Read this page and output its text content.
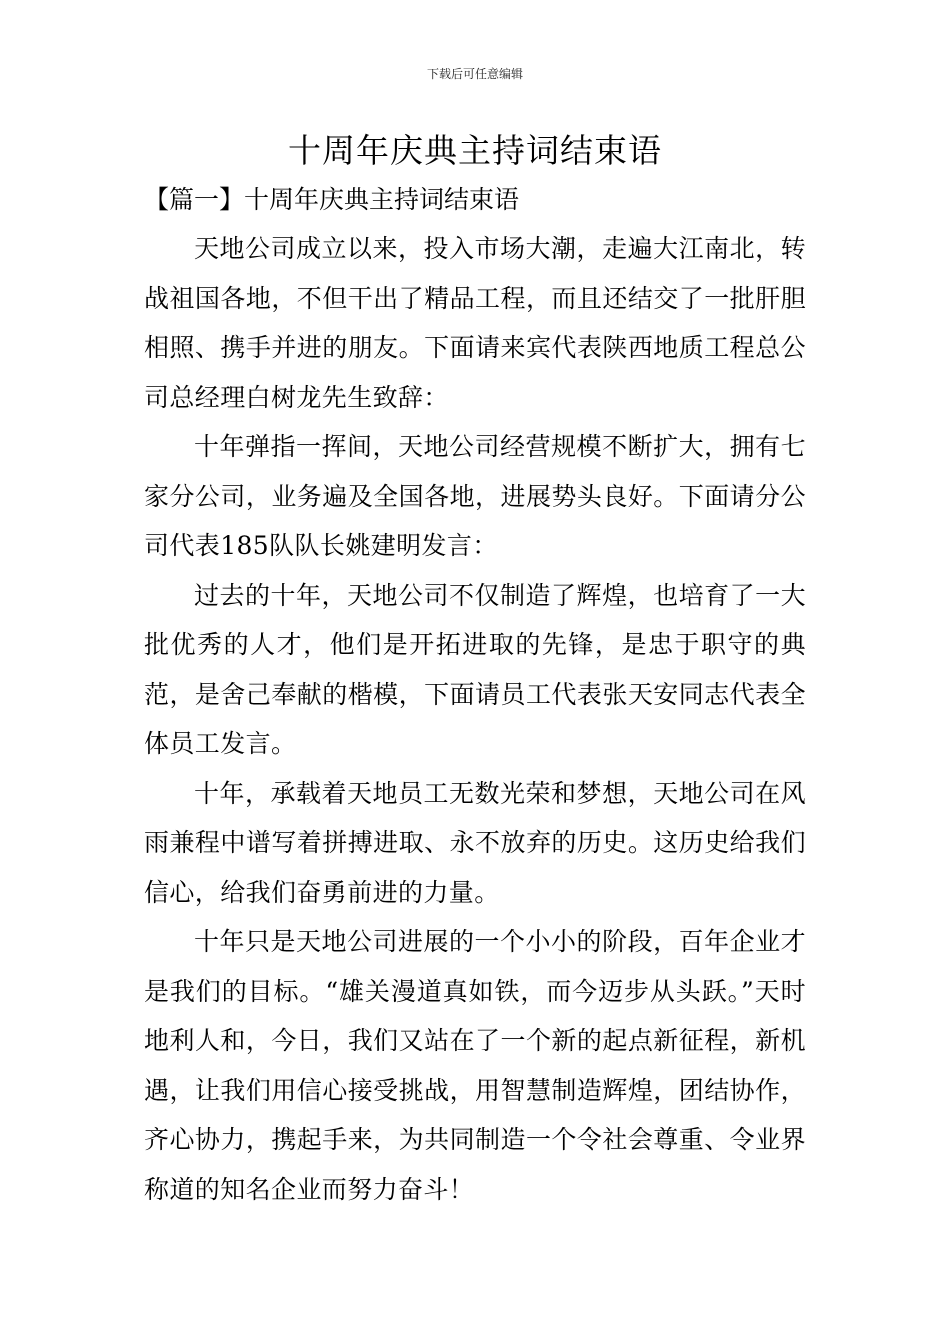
下载后可任意编辑
十周年庆典主持词结束语
【篇一】十周年庆典主持词结束语

天地公司成立以来，投入市场大潮，走遍大江南北，转战祖国各地，不但干出了精品工程，而且还结交了一批肝胆相照、携手并进的朋友。下面请来宾代表陕西地质工程总公司总经理白树龙先生致辞：

十年弹指一挥间，天地公司经营规模不断扩大，拥有七家分公司，业务遍及全国各地，进展势头良好。下面请分公司代表185队队长姚建明发言：

过去的十年，天地公司不仅制造了辉煌，也培育了一大批优秀的人才，他们是开拓进取的先锋，是忠于职守的典范，是舍己奉献的楷模，下面请员工代表张天安同志代表全体员工发言。

十年，承载着天地员工无数光荣和梦想，天地公司在风雨兼程中谱写着拼搏进取、永不放弃的历史。这历史给我们信心，给我们奋勇前进的力量。

十年只是天地公司进展的一个小小的阶段，百年企业才是我们的目标。“雄关漫道真如铁，而今迈步从头跃。”天时地利人和，今日，我们又站在了一个新的起点新征程，新机遇，让我们用信心接受挑战，用智慧制造辉煌，团结协作，齐心协力，携起手来，为共同制造一个令社会尊重、令业界称道的知名企业而努力奋斗！
